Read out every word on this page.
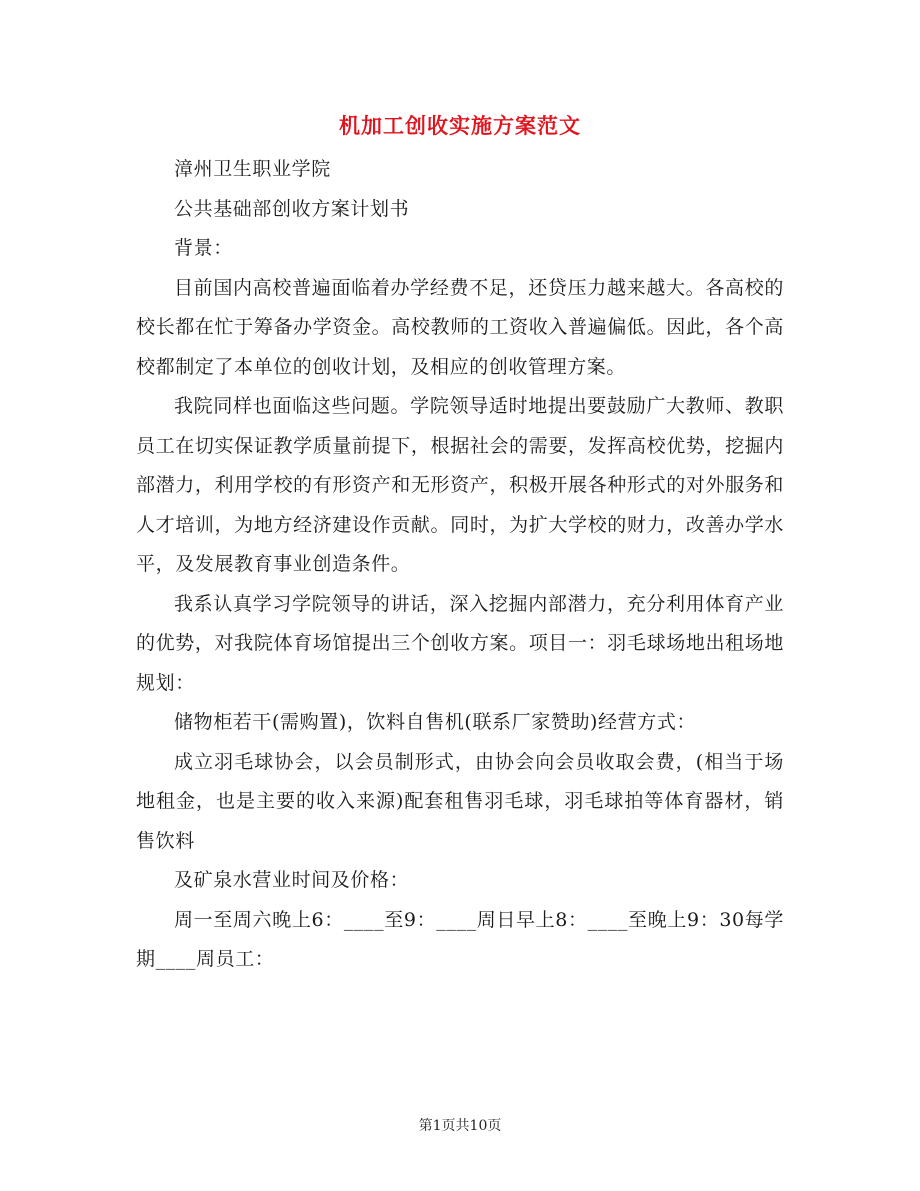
机加工创收实施方案范文

漳州卫生职业学院

公共基础部创收方案计划书

背景：

目前国内高校普遍面临着办学经费不足，还贷压力越来越大。各高校的校长都在忙于筹备办学资金。高校教师的工资收入普遍偏低。因此，各个高校都制定了本单位的创收计划，及相应的创收管理方案。

我院同样也面临这些问题。学院领导适时地提出要鼓励广大教师、教职员工在切实保证教学质量前提下，根据社会的需要，发挥高校优势，挖掘内部潜力，利用学校的有形资产和无形资产，积极开展各种形式的对外服务和人才培训，为地方经济建设作贡献。同时，为扩大学校的财力，改善办学水平，及发展教育事业创造条件。

我系认真学习学院领导的讲话，深入挖掘内部潜力，充分利用体育产业的优势，对我院体育场馆提出三个创收方案。项目一：羽毛球场地出租场地规划：

储物柜若干(需购置)，饮料自售机(联系厂家赞助)经营方式：

成立羽毛球协会，以会员制形式，由协会向会员收取会费，(相当于场地租金，也是主要的收入来源)配套租售羽毛球，羽毛球拍等体育器材，销售饮料

及矿泉水营业时间及价格：

周一至周六晚上6：____至9：____周日早上8：____至晚上9：30每学期____周员工：

第1页共10页
